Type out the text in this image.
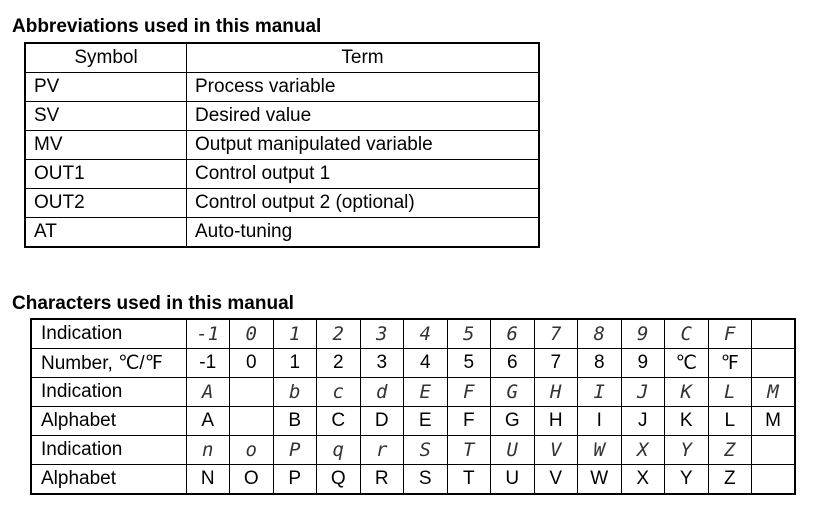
Abbreviations used in this manual
Symbol	Term
PV	Process variable
SV	Desired value
MV	Output manipulated variable
OUT1	Control output 1
OUT2	Control output 2 (optional)
AT	Auto-tuning
Characters used in this manual
Indication	-1	0	1	2	3	4	5	6	7	8	9	C	F	
Number, ℃/℉	-1	0	1	2	3	4	5	6	7	8	9	℃	℉	
Indication	A		b	c	d	E	F	G	H	I	J	K	L	M
Alphabet	A		B	C	D	E	F	G	H	I	J	K	L	M
Indication	n	o	P	q	r	S	T	U	V	W	X	Y	Z	
Alphabet	N	O	P	Q	R	S	T	U	V	W	X	Y	Z	
